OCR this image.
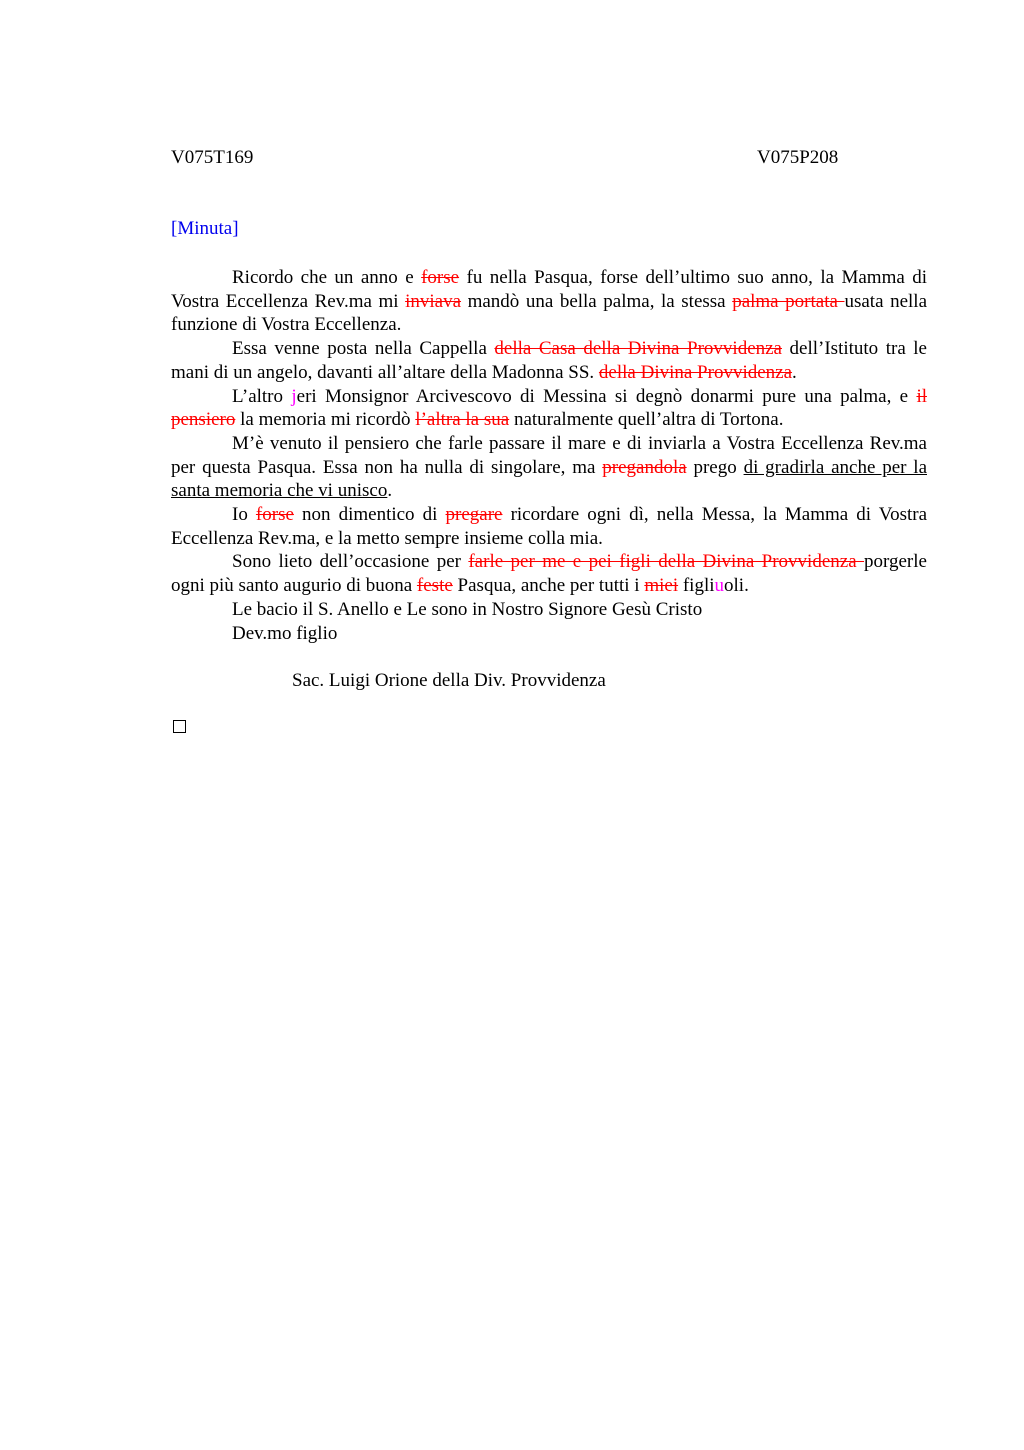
V075T169	V075P208
[Minuta]

Ricordo che un anno e forse fu nella Pasqua, forse dell’ultimo suo anno, la Mamma di Vostra Eccellenza Rev.ma mi inviava mandò una bella palma, la stessa palma portata usata nella funzione di Vostra Eccellenza.

Essa venne posta nella Cappella della Casa della Divina Provvidenza dell’Istituto tra le mani di un angelo, davanti all’altare della Madonna SS. della Divina Provvidenza.

L’altro jeri Monsignor Arcivescovo di Messina si degnò donarmi pure una palma, e il pensiero la memoria mi ricordò l’altra la sua naturalmente quell’altra di Tortona.

M’è venuto il pensiero che farle passare il mare e di inviarla a Vostra Eccellenza Rev.ma per questa Pasqua. Essa non ha nulla di singolare, ma pregandola prego di gradirla anche per la santa memoria che vi unisco.

Io forse non dimentico di pregare ricordare ogni dì, nella Messa, la Mamma di Vostra Eccellenza Rev.ma, e la metto sempre insieme colla mia.

Sono lieto dell’occasione per farle per me e pei figli della Divina Provvidenza porgerle ogni più santo augurio di buona feste Pasqua, anche per tutti i miei figliuoli.

Le bacio il S. Anello e Le sono in Nostro Signore Gesù Cristo

Dev.mo figlio

Sac. Luigi Orione della Div. Provvidenza
